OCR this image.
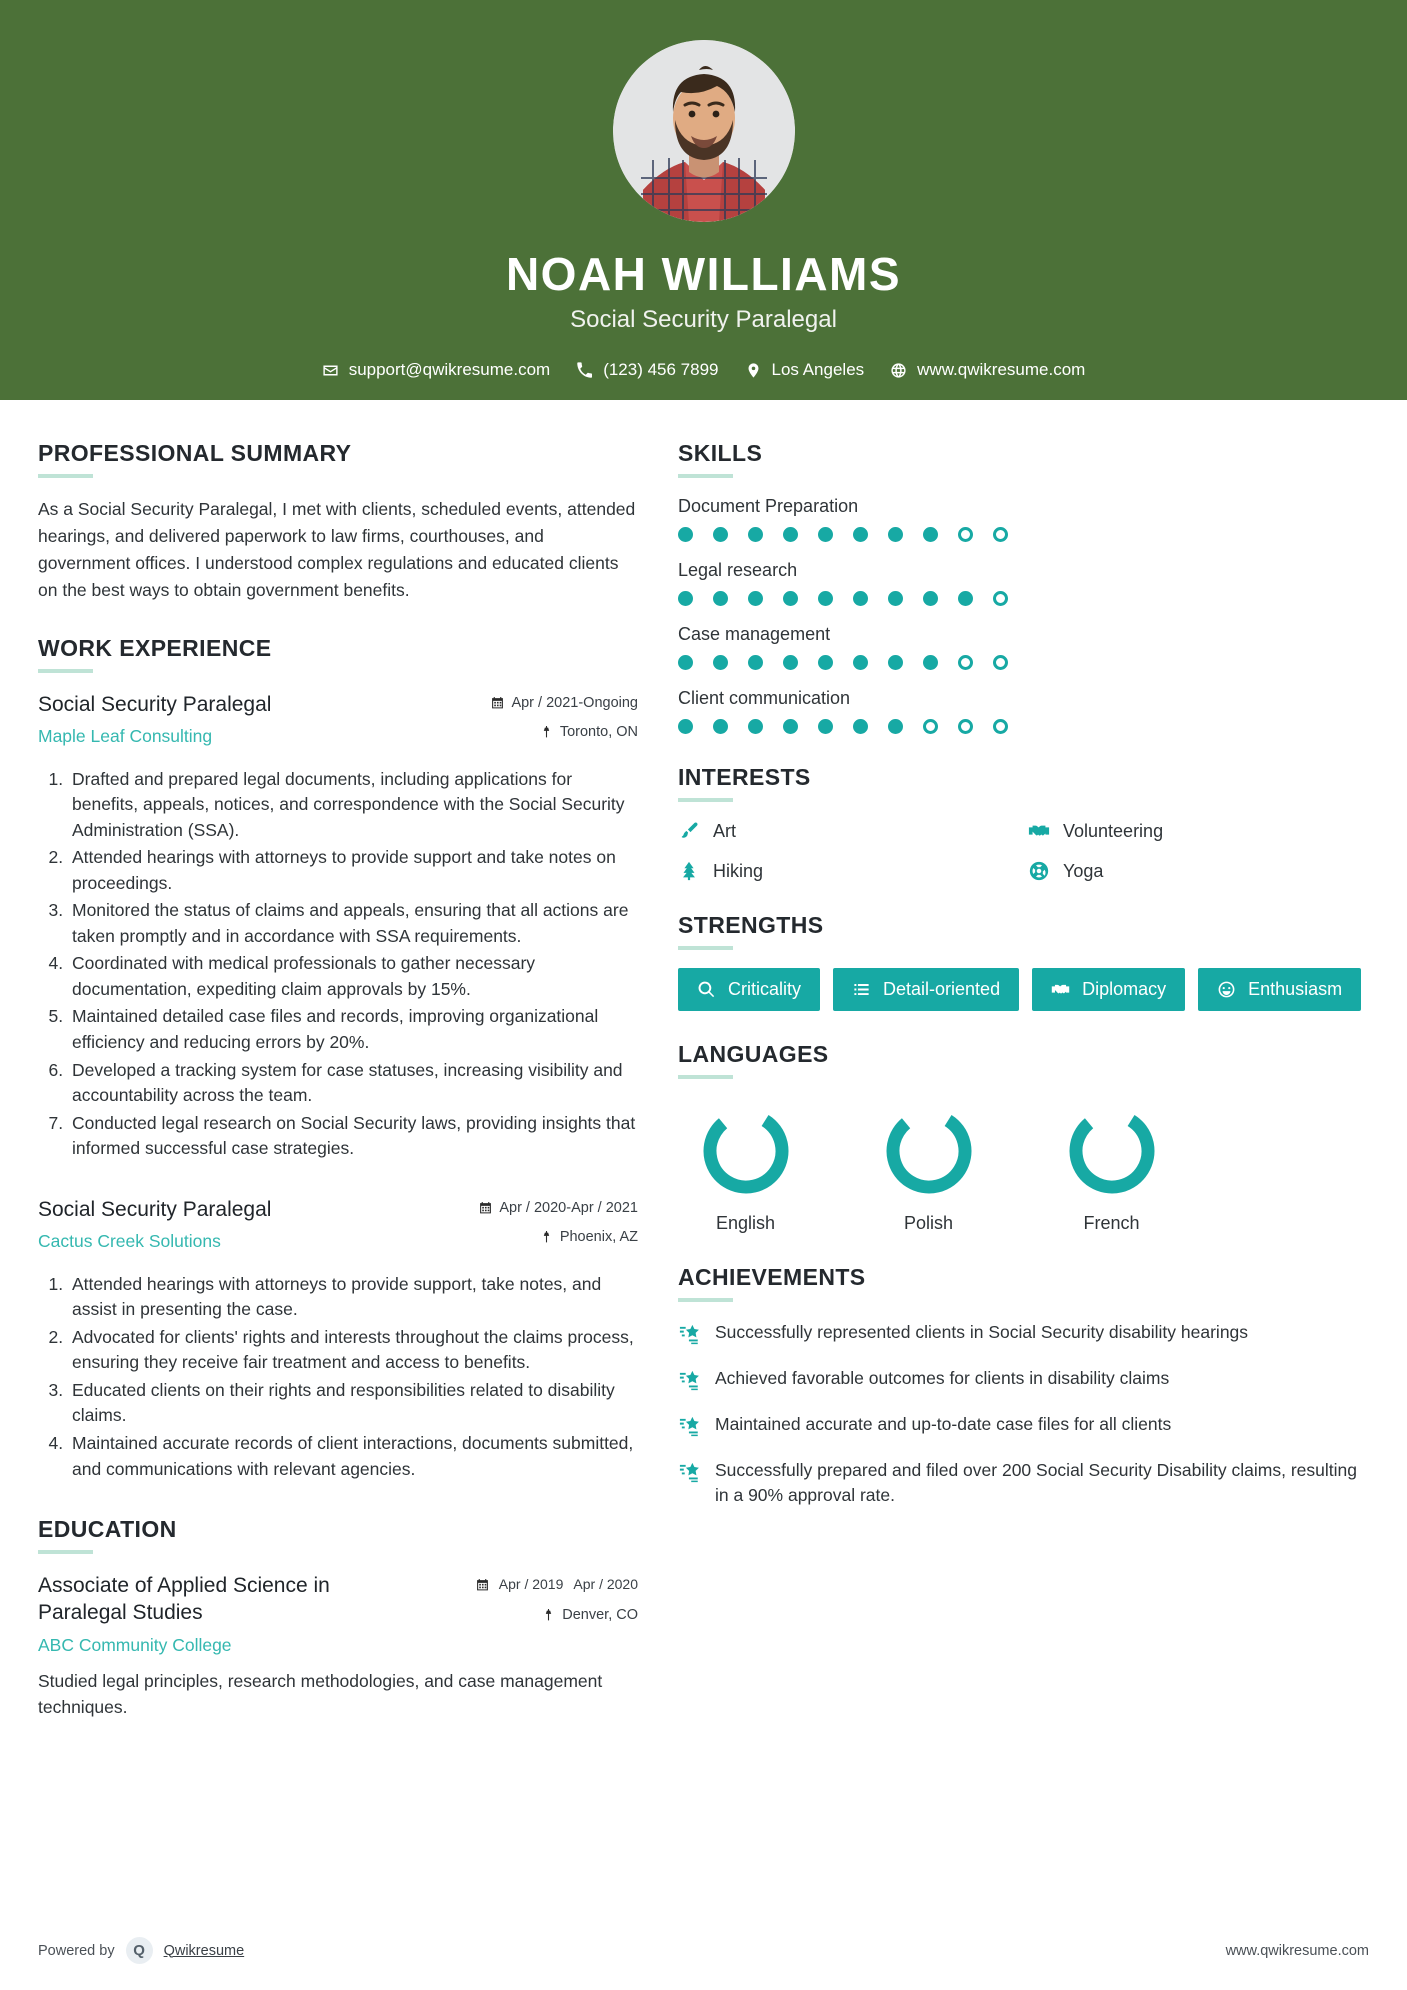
NOAH WILLIAMS
Social Security Paralegal
support@qwikresume.com	(123) 456 7899	Los Angeles	www.qwikresume.com
PROFESSIONAL SUMMARY
As a Social Security Paralegal, I met with clients, scheduled events, attended hearings, and delivered paperwork to law firms, courthouses, and government offices. I understood complex regulations and educated clients on the best ways to obtain government benefits.
WORK EXPERIENCE
Social Security Paralegal
Maple Leaf Consulting
Apr / 2021-Ongoing
Toronto, ON
1. Drafted and prepared legal documents, including applications for benefits, appeals, notices, and correspondence with the Social Security Administration (SSA).
2. Attended hearings with attorneys to provide support and take notes on proceedings.
3. Monitored the status of claims and appeals, ensuring that all actions are taken promptly and in accordance with SSA requirements.
4. Coordinated with medical professionals to gather necessary documentation, expediting claim approvals by 15%.
5. Maintained detailed case files and records, improving organizational efficiency and reducing errors by 20%.
6. Developed a tracking system for case statuses, increasing visibility and accountability across the team.
7. Conducted legal research on Social Security laws, providing insights that informed successful case strategies.
Social Security Paralegal
Cactus Creek Solutions
Apr / 2020-Apr / 2021
Phoenix, AZ
1. Attended hearings with attorneys to provide support, take notes, and assist in presenting the case.
2. Advocated for clients' rights and interests throughout the claims process, ensuring they receive fair treatment and access to benefits.
3. Educated clients on their rights and responsibilities related to disability claims.
4. Maintained accurate records of client interactions, documents submitted, and communications with relevant agencies.
EDUCATION
Associate of Applied Science in Paralegal Studies
ABC Community College
Apr / 2019 Apr / 2020
Denver, CO
Studied legal principles, research methodologies, and case management techniques.
SKILLS
Document Preparation
Legal research
Case management
Client communication
INTERESTS
Art	Volunteering
Hiking	Yoga
STRENGTHS
Criticality	Detail-oriented	Diplomacy	Enthusiasm
LANGUAGES
English	Polish	French
ACHIEVEMENTS
Successfully represented clients in Social Security disability hearings
Achieved favorable outcomes for clients in disability claims
Maintained accurate and up-to-date case files for all clients
Successfully prepared and filed over 200 Social Security Disability claims, resulting in a 90% approval rate.
Powered by	Q	Qwikresume	www.qwikresume.com
